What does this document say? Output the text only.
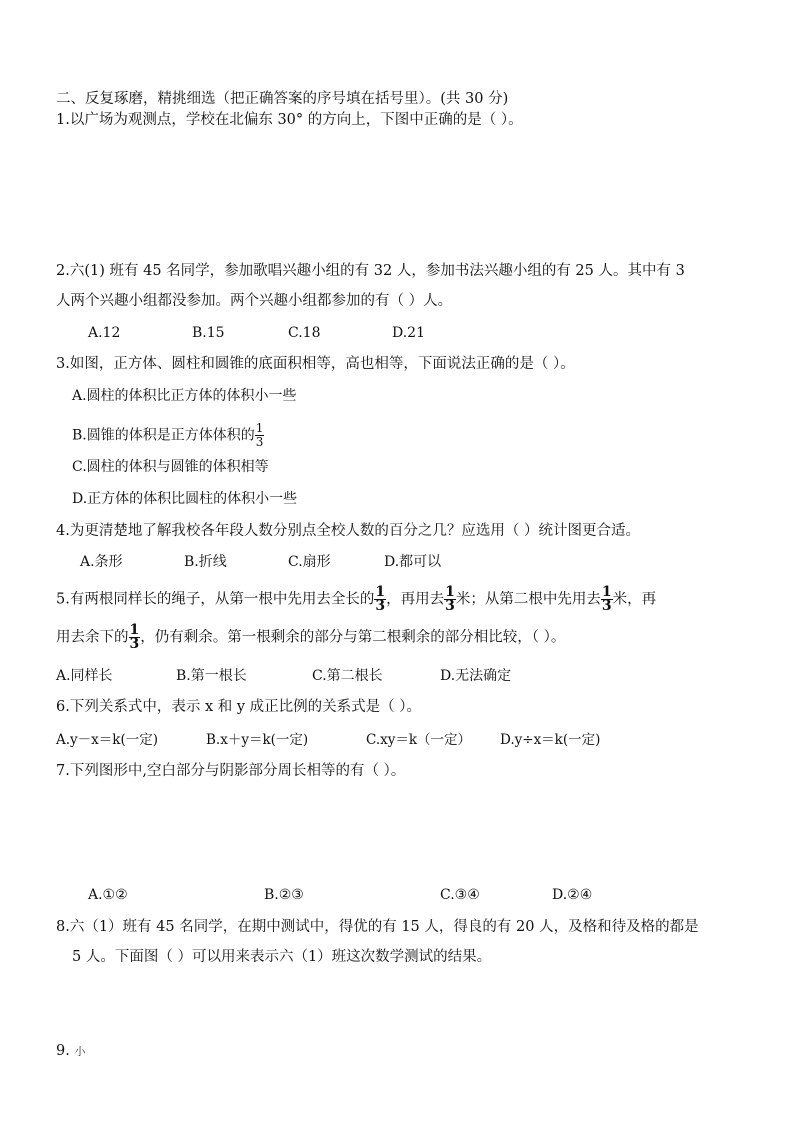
二、反复琢磨，精挑细选（把正确答案的序号填在括号里）。(共 30 分)
1.以广场为观测点，学校在北偏东 30° 的方向上，下图中正确的是（ ）。
A.
北 学校
60°
广场
B.
北
学校
30°
广场
C.
北
学校
60°
广场
D.
北
学校
60°
广场
2.六(1) 班有 45 名同学，参加歌唱兴趣小组的有 32 人，参加书法兴趣小组的有 25 人。其中有 3
人两个兴趣小组都没参加。两个兴趣小组都参加的有（ ）人。
A.12	B.15	C.18	D.21
3.如图，正方体、圆柱和圆锥的底面积相等，高也相等，下面说法正确的是（ ）。
A.圆柱的体积比正方体的体积小一些
B.圆锥的体积是正方体体积的 $\frac{1}{3}$
C.圆柱的体积与圆锥的体积相等
D.正方体的体积比圆柱的体积小一些
4.为更清楚地了解我校各年段人数分别点全校人数的百分之几？应选用（ ）统计图更合适。
A.条形	B.折线	C.扇形	D.都可以
5.有两根同样长的绳子，从第一根中先用去全长的 $\frac{1}{3}$ ，再用去 $\frac{1}{3}$ 米；从第二根中先用去 $\frac{1}{3}$ 米，再
用去余下的 $\frac{1}{3}$ ，仍有剩余。第一根剩余的部分与第二根剩余的部分相比较，（ ）。
A.同样长	B.第一根长	C.第二根长	D.无法确定
6.下列关系式中，表示 x 和 y 成正比例的关系式是（ ）。
A.y－x＝k(一定)	B.x＋y＝k(一定)	C.xy＝k（一定） D.y÷x＝k(一定)
7.下列图形中,空白部分与阴影部分周长相等的有（ ）。
①	②
a	a
③	④
A.①②	B.②③	C.③④	D.②④
8.六（1）班有 45 名同学，在期中测试中，得优的有 15 人，得良的有 20 人，及格和待及格的都是
5 人。下面图（ ）可以用来表示六（1）班这次数学测试的结果。
A.	B.	C.	D.
9. 小
A.	0 －1	－2	1	2	B.	－1 －2	0	1	2
